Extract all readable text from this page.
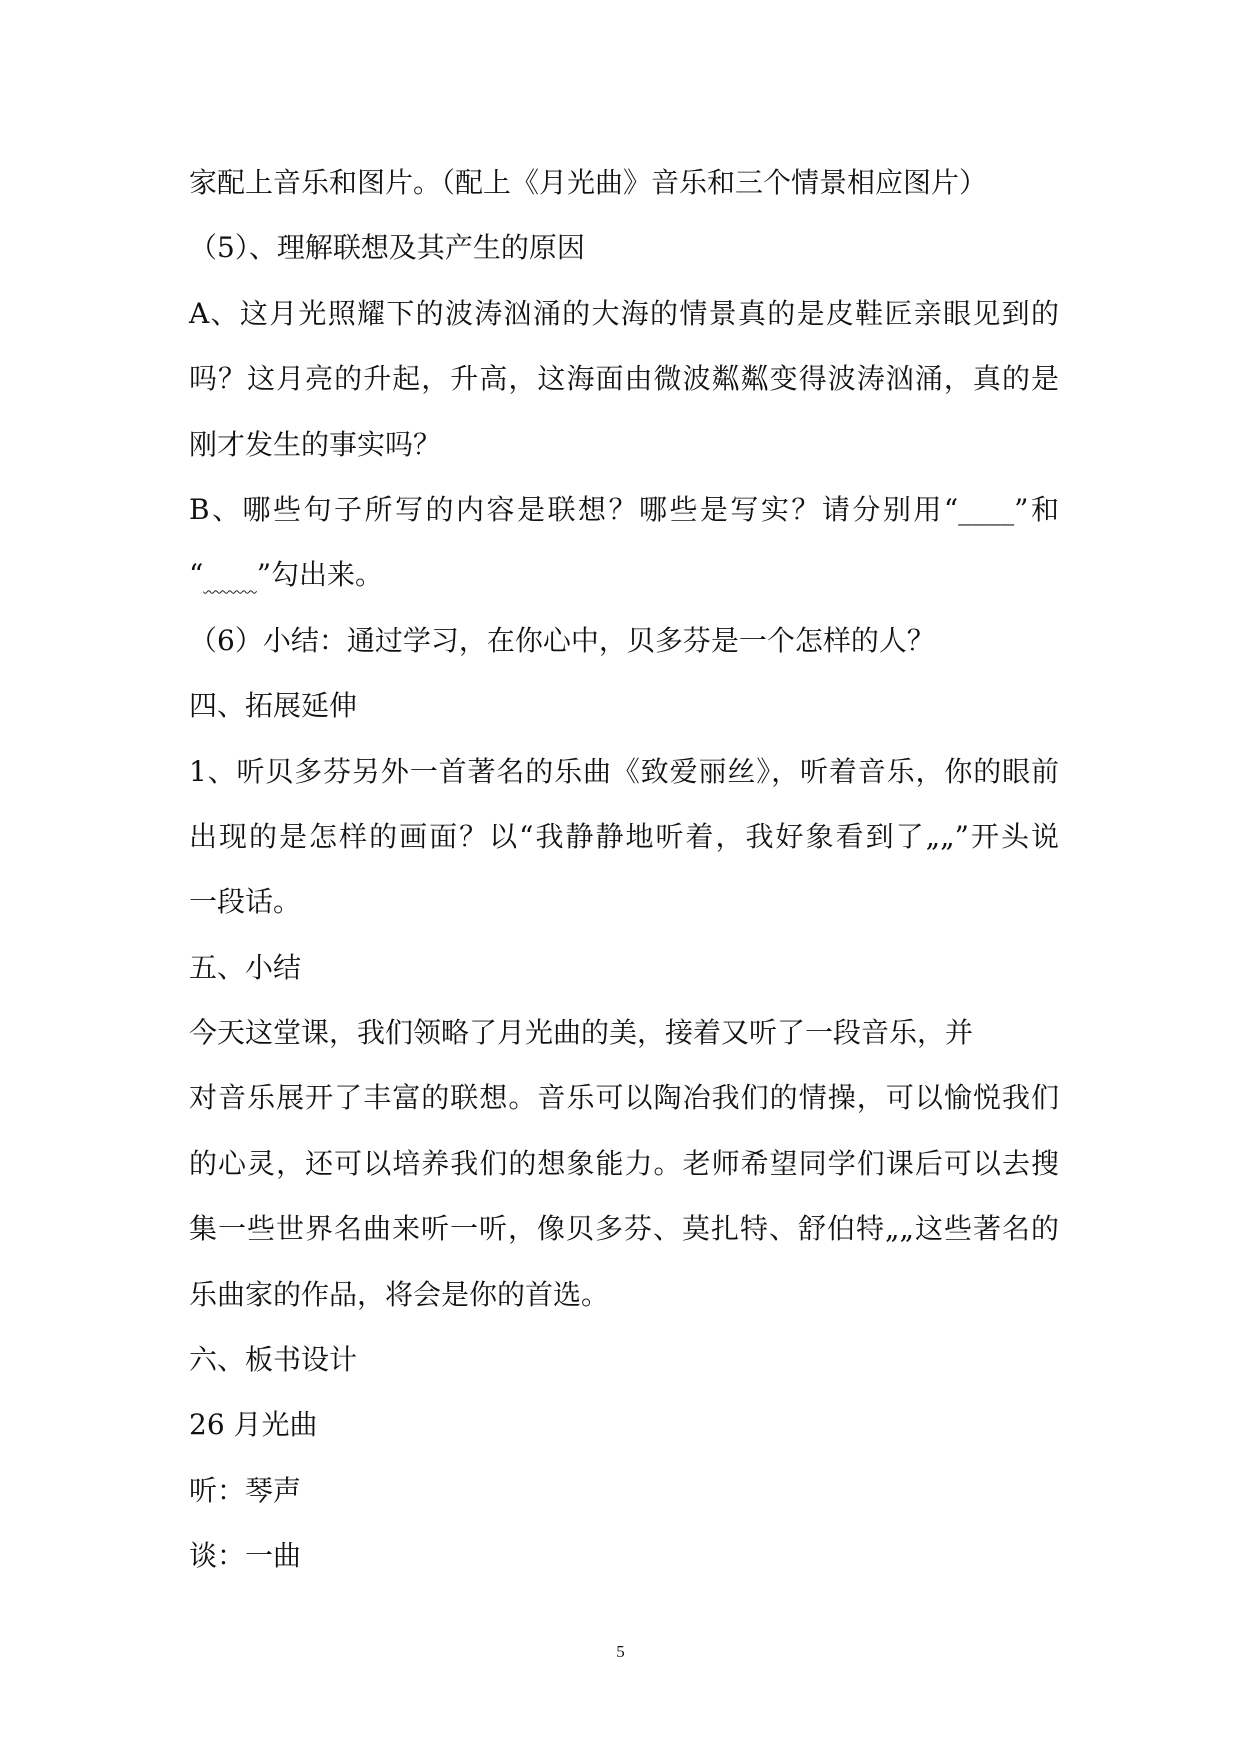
家配上音乐和图片。（配上《月光曲》音乐和三个情景相应图片）
（5）、理解联想及其产生的原因
A、这月光照耀下的波涛汹涌的大海的情景真的是皮鞋匠亲眼见到的
吗？这月亮的升起，升高，这海面由微波粼粼变得波涛汹涌，真的是
刚才发生的事实吗？
B、哪些句子所写的内容是联想？哪些是写实？请分别用“____”和
“ ”勾出来。
（6）小结：通过学习，在你心中，贝多芬是一个怎样的人？
四、拓展延伸
1、听贝多芬另外一首著名的乐曲《致爱丽丝》，听着音乐，你的眼前
出现的是怎样的画面？以“我静静地听着，我好象看到了„„”开头说
一段话。
五、小结
今天这堂课，我们领略了月光曲的美，接着又听了一段音乐，并
对音乐展开了丰富的联想。音乐可以陶冶我们的情操，可以愉悦我们
的心灵，还可以培养我们的想象能力。老师希望同学们课后可以去搜
集一些世界名曲来听一听，像贝多芬、莫扎特、舒伯特„„这些著名的
乐曲家的作品，将会是你的首选。
六、板书设计
26 月光曲
听：琴声
谈：一曲
5
